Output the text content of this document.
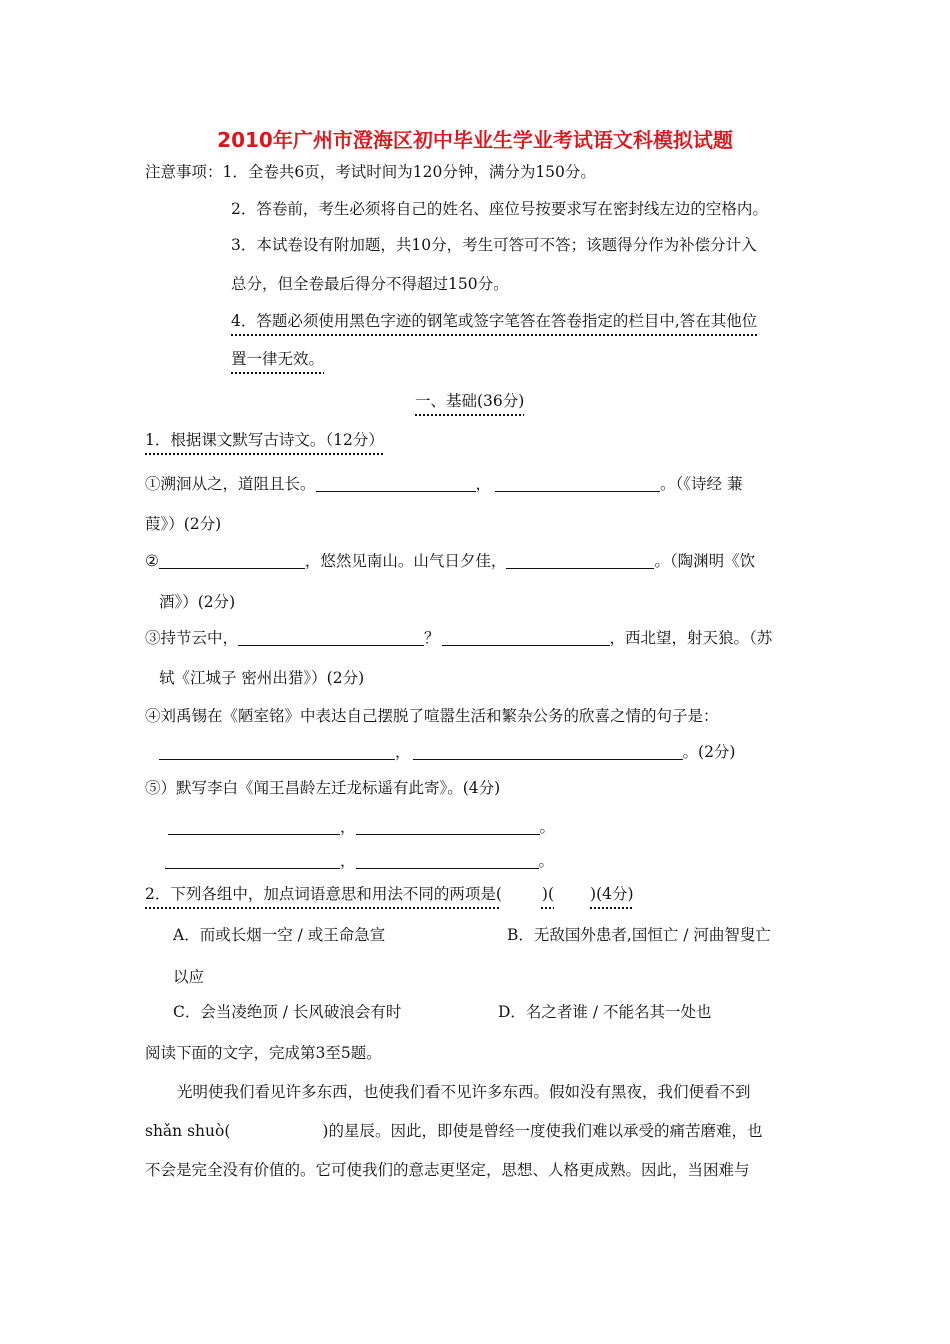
2010年广州市澄海区初中毕业生学业考试语文科模拟试题
注意事项：1．全卷共6页，考试时间为120分钟，满分为150分。
2．答卷前，考生必须将自己的姓名、座位号按要求写在密封线左边的空格内。
3．本试卷设有附加题，共10分，考生可答可不答；该题得分作为补偿分计入
总分，但全卷最后得分不得超过150分。
4．答题必须使用黑色字迹的钢笔或签字笔答在答卷指定的栏目中,答在其他位
置一律无效。
一、基础(36分)
1．根据课文默写古诗文。（12分）
①溯洄从之，道阻且长。	，	。（《诗经 蒹
葭》）(2分)
②	，悠然见南山。山气日夕佳，	。（陶渊明《饮
酒》）(2分)
③持节云中，	？	，西北望，射天狼。（苏
轼《江城子 密州出猎》）(2分)
④刘禹锡在《陋室铭》中表达自己摆脱了喧嚣生活和繁杂公务的欣喜之情的句子是：
，	。(2分)
⑤）默写李白《闻王昌龄左迁龙标遥有此寄》。(4分)
，	。
，	。
2．下列各组中，加点词语意思和用法不同的两项是(	)( )(4分)
A．而或长烟一空 / 或王命急宣	B．无敌国外患者,国恒亡 / 河曲智叟亡
以应
C．会当凌绝顶 / 长风破浪会有时	D．名之者谁 / 不能名其一处也
阅读下面的文字，完成第3至5题。
光明使我们看见许多东西，也使我们看不见许多东西。假如没有黑夜，我们便看不到
shǎn shuò(	)的星辰。因此，即使是曾经一度使我们难以承受的痛苦磨难，也
不会是完全没有价值的。它可使我们的意志更坚定，思想、人格更成熟。因此，当困难与
